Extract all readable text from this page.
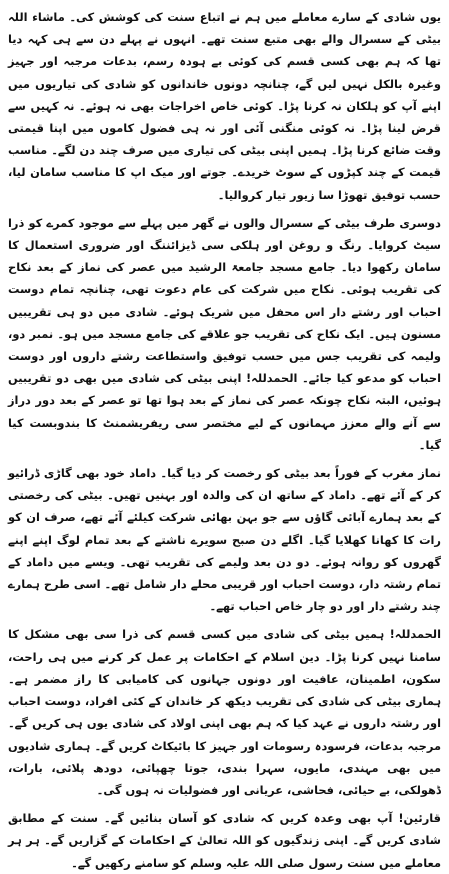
یوں شادی کے سارے معاملے میں ہم نے اتباع سنت کی کوشش کی۔ ماشاء اللہ بیٹی کے سسرال والے بھی متبع سنت تھے۔ انہوں نے پہلے دن سے ہی کہہ دیا تھا کہ ہم بھی کسی قسم کی کوئی بے ہودہ رسم، بدعات مرجبہ اور جہیز وغیرہ بالکل نہیں لیں گے، چنانچہ دونوں خاندانوں کو شادی کی تیاریوں میں اپنے آپ کو ہلکان نہ کرنا پڑا۔ کوئی خاص اخراجات بھی نہ ہوئے۔ نہ کہیں سے قرض لینا پڑا۔ نہ کوئی منگنی آئی اور نہ ہی فضول کاموں میں اپنا قیمتی وقت ضائع کرنا پڑا۔ ہمیں اپنی بیٹی کی تیاری میں صرف چند دن لگے۔ مناسب قیمت کے چند کپڑوں کے سوٹ خریدے۔ جوتے اور میک اپ کا مناسب سامان لیا، حسب توفیق تھوڑا سا زیور تیار کروالیا۔

دوسری طرف بیٹی کے سسرال والوں نے گھر میں پہلے سے موجود کمرے کو ذرا سیٹ کروایا۔ رنگ و روغن اور ہلکی سی ڈیزائننگ اور ضروری استعمال کا سامان رکھوا دیا۔ جامع مسجد جامعۃ الرشید میں عصر کی نماز کے بعد نکاح کی تقریب ہوئی۔ نکاح میں شرکت کی عام دعوت تھی، چنانچہ تمام دوست احباب اور رشتے دار اس محفل میں شریک ہوئے۔ شادی میں دو ہی تقریبیں مسنون ہیں۔ ایک نکاح کی تقریب جو علاقے کی جامع مسجد میں ہو۔ نمبر دو، ولیمہ کی تقریب جس میں حسب توفیق واستطاعت رشتے داروں اور دوست احباب کو مدعو کیا جائے۔ الحمدللہ! اپنی بیٹی کی شادی میں بھی دو تقریبیں ہوئیں، البتہ نکاح چونکہ عصر کی نماز کے بعد ہوا تھا تو عصر کے بعد دور دراز سے آنے والے معزز مہمانوں کے لیے مختصر سی ریفریشمنٹ کا بندوبست کیا گیا۔

نماز مغرب کے فوراً بعد بیٹی کو رخصت کر دیا گیا۔ داماد خود بھی گاڑی ڈرائیو کر کے آئے تھے۔ داماد کے ساتھ ان کی والدہ اور بہنیں تھیں۔ بیٹی کی رخصتی کے بعد ہمارے آبائی گاؤں سے جو بہن بھائی شرکت کیلئے آئے تھے، صرف ان کو رات کا کھانا کھلایا گیا۔ اگلے دن صبح سویرے ناشتے کے بعد تمام لوگ اپنے اپنے گھروں کو روانہ ہوئے۔ دو دن بعد ولیمے کی تقریب تھی۔ ویسے میں داماد کے تمام رشتہ دار، دوست احباب اور قریبی محلے دار شامل تھے۔ اسی طرح ہمارے چند رشتے دار اور دو چار خاص احباب تھے۔

الحمدللہ! ہمیں بیٹی کی شادی میں کسی قسم کی ذرا سی بھی مشکل کا سامنا نہیں کرنا پڑا۔ دین اسلام کے احکامات پر عمل کر کرنے میں ہی راحت، سکون، اطمینان، عافیت اور دونوں جہانوں کی کامیابی کا راز مضمر ہے۔ ہماری بیٹی کی شادی کی تقریب دیکھ کر خاندان کے کئی افراد، دوست احباب اور رشتہ داروں نے عہد کیا کہ ہم بھی اپنی اولاد کی شادی یوں ہی کریں گے۔ مرجبہ بدعات، فرسودہ رسومات اور جہیز کا بائیکاٹ کریں گے۔ ہماری شادیوں میں بھی مہندی، مایوں، سہرا بندی، جوتا چھپائی، دودھ پلائی، بارات، ڈھولکی، بے حیائی، فحاشی، عریانی اور فضولیات نہ ہوں گی۔

قارئین! آپ بھی وعدہ کریں کہ شادی کو آسان بنائیں گے۔ سنت کے مطابق شادی کریں گے۔ اپنی زندگیوں کو اللہ تعالیٰ کے احکامات کے گزاریں گے۔ ہر ہر معاملے میں سنت رسول صلی اللہ علیہ وسلم کو سامنے رکھیں گے۔
